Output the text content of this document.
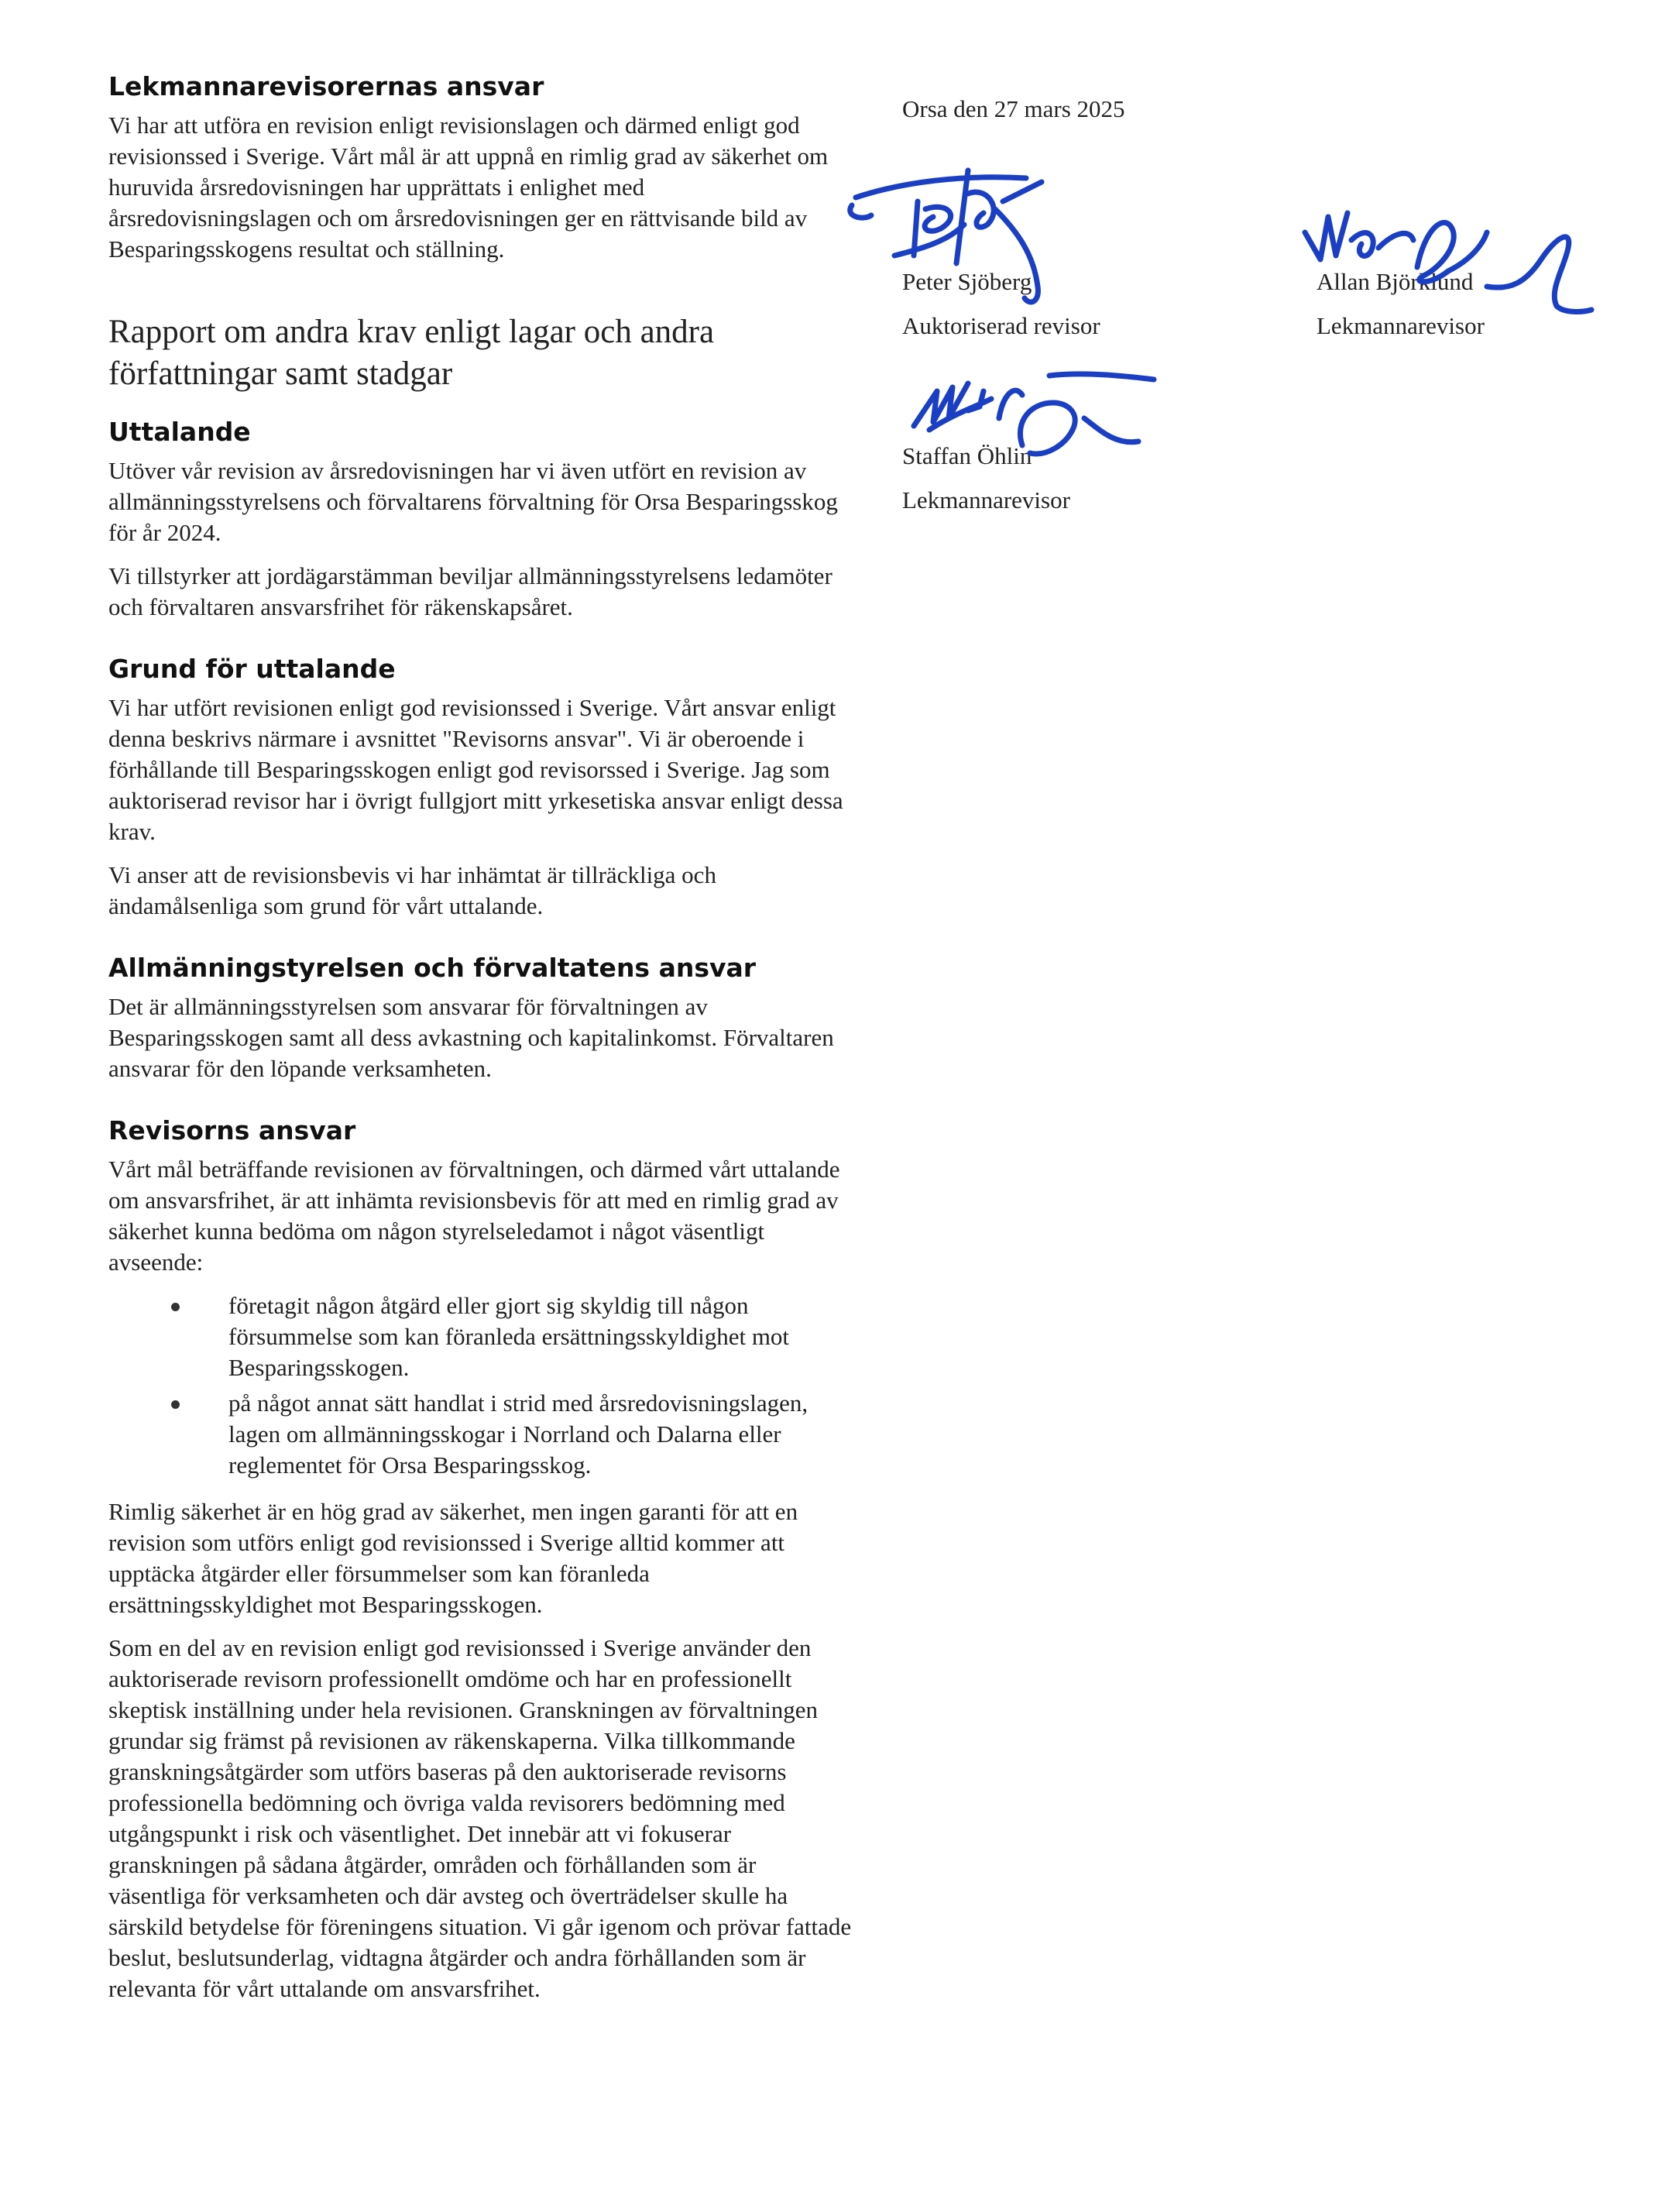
Lekmannarevisorernas ansvar

Vi har att utföra en revision enligt revisionslagen och därmed enligt god revisionssed i Sverige. Vårt mål är att uppnå en rimlig grad av säkerhet om huruvida årsredovisningen har upprättats i enlighet med årsredovisningslagen och om årsredovisningen ger en rättvisande bild av Besparingsskogens resultat och ställning.

Rapport om andra krav enligt lagar och andra författningar samt stadgar
Uttalande

Utöver vår revision av årsredovisningen har vi även utfört en revision av allmänningsstyrelsens och förvaltarens förvaltning för Orsa Besparingsskog för år 2024.

Vi tillstyrker att jordägarstämman beviljar allmänningsstyrelsens ledamöter och förvaltaren ansvarsfrihet för räkenskapsåret.

Grund för uttalande

Vi har utfört revisionen enligt god revisionssed i Sverige. Vårt ansvar enligt denna beskrivs närmare i avsnittet "Revisorns ansvar". Vi är oberoende i förhållande till Besparingsskogen enligt god revisorssed i Sverige. Jag som auktoriserad revisor har i övrigt fullgjort mitt yrkesetiska ansvar enligt dessa krav.

Vi anser att de revisionsbevis vi har inhämtat är tillräckliga och ändamålsenliga som grund för vårt uttalande.

Allmänningstyrelsen och förvaltatens ansvar

Det är allmänningsstyrelsen som ansvarar för förvaltningen av Besparingsskogen samt all dess avkastning och kapitalinkomst. Förvaltaren ansvarar för den löpande verksamheten.

Revisorns ansvar

Vårt mål beträffande revisionen av förvaltningen, och därmed vårt uttalande om ansvarsfrihet, är att inhämta revisionsbevis för att med en rimlig grad av säkerhet kunna bedöma om någon styrelseledamot i något väsentligt avseende:

företagit någon åtgärd eller gjort sig skyldig till någon försummelse som kan föranleda ersättningsskyldighet mot Besparingsskogen.
på något annat sätt handlat i strid med årsredovisningslagen, lagen om allmänningsskogar i Norrland och Dalarna eller reglementet för Orsa Besparingsskog.

Rimlig säkerhet är en hög grad av säkerhet, men ingen garanti för att en revision som utförs enligt god revisionssed i Sverige alltid kommer att upptäcka åtgärder eller försummelser som kan föranleda ersättningsskyldighet mot Besparingsskogen.

Som en del av en revision enligt god revisionssed i Sverige använder den auktoriserade revisorn professionellt omdöme och har en professionellt skeptisk inställning under hela revisionen. Granskningen av förvaltningen grundar sig främst på revisionen av räkenskaperna. Vilka tillkommande granskningsåtgärder som utförs baseras på den auktoriserade revisorns professionella bedömning och övriga valda revisorers bedömning med utgångspunkt i risk och väsentlighet. Det innebär att vi fokuserar granskningen på sådana åtgärder, områden och förhållanden som är väsentliga för verksamheten och där avsteg och överträdelser skulle ha särskild betydelse för föreningens situation. Vi går igenom och prövar fattade beslut, beslutsunderlag, vidtagna åtgärder och andra förhållanden som är relevanta för vårt uttalande om ansvarsfrihet.

Orsa den 27 mars 2025
Peter Sjöberg
Auktoriserad revisor
Allan Björklund
Lekmannarevisor
Staffan Öhlin
Lekmannarevisor
